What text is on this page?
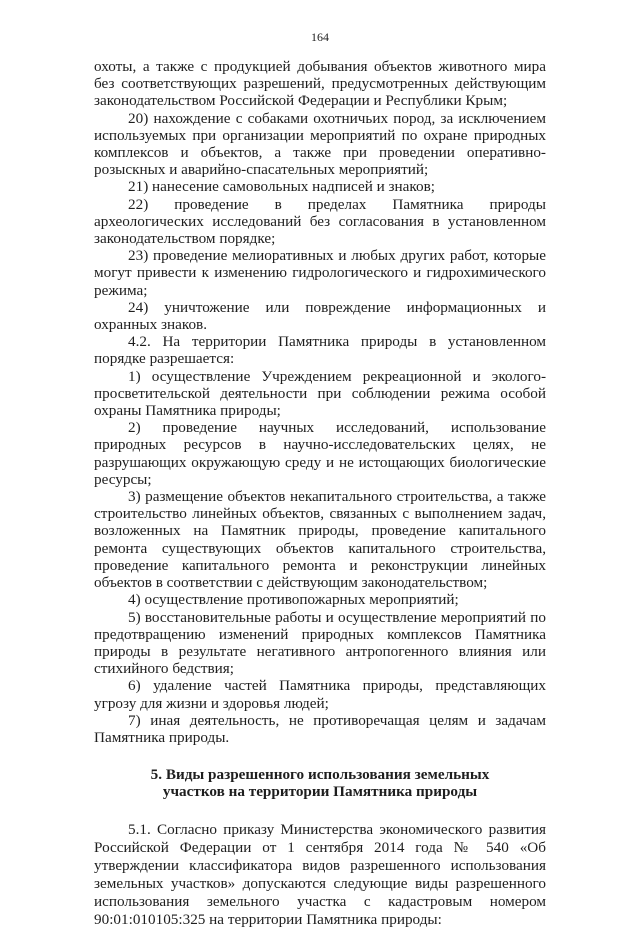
164

охоты, а также с продукцией добывания объектов животного мира без соответствующих разрешений, предусмотренных действующим законодательством Российской Федерации и Республики Крым;

20) нахождение с собаками охотничьих пород, за исключением используемых при организации мероприятий по охране природных комплексов и объектов, а также при проведении оперативно-розыскных и аварийно-спасательных мероприятий;

21) нанесение самовольных надписей и знаков;

22) проведение в пределах Памятника природы археологических исследований без согласования в установленном законодательством порядке;

23) проведение мелиоративных и любых других работ, которые могут привести к изменению гидрологического и гидрохимического режима;

24) уничтожение или повреждение информационных и охранных знаков.

4.2. На территории Памятника природы в установленном порядке разрешается:

1) осуществление Учреждением рекреационной и эколого-просветительской деятельности при соблюдении режима особой охраны Памятника природы;

2) проведение научных исследований, использование природных ресурсов в научно-исследовательских целях, не разрушающих окружающую среду и не истощающих биологические ресурсы;

3) размещение объектов некапитального строительства, а также строительство линейных объектов, связанных с выполнением задач, возложенных на Памятник природы, проведение капитального ремонта существующих объектов капитального строительства, проведение капитального ремонта и реконструкции линейных объектов в соответствии с действующим законодательством;

4) осуществление противопожарных мероприятий;

5) восстановительные работы и осуществление мероприятий по предотвращению изменений природных комплексов Памятника природы в результате негативного антропогенного влияния или стихийного бедствия;

6) удаление частей Памятника природы, представляющих угрозу для жизни и здоровья людей;

7) иная деятельность, не противоречащая целям и задачам Памятника природы.

5. Виды разрешенного использования земельных участков на территории Памятника природы

5.1. Согласно приказу Министерства экономического развития Российской Федерации от 1 сентября 2014 года № 540 «Об утверждении классификатора видов разрешенного использования земельных участков» допускаются следующие виды разрешенного использования земельного участка с кадастровым номером 90:01:010105:325 на территории Памятника природы:
